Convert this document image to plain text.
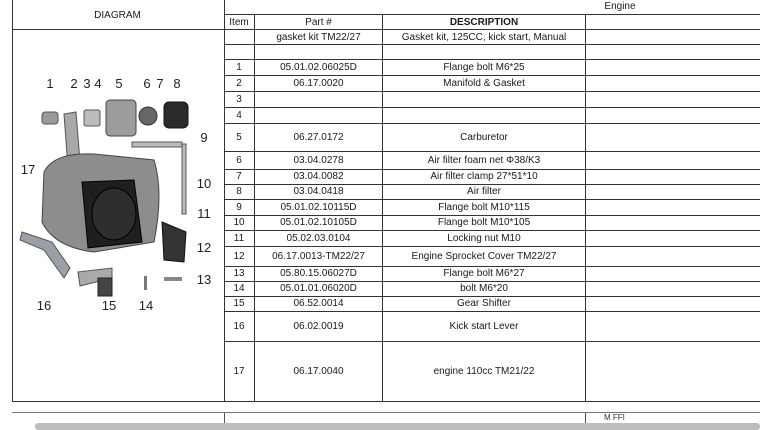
Engine
DIAGRAM
Item	Part #	DESCRIPTION
gasket kit TM22/27	Gasket kit, 125CC, kick start, Manual
1	05.01.02.06025D	Flange bolt M6*25
2	06.17.0020	Manifold & Gasket
3
4
5	06.27.0172	Carburetor
6	03.04.0278	Air filter foam net Φ38/K3
7	03.04.0082	Air filter clamp 27*51*10
8	03.04.0418	Air filter
9	05.01.02.10115D	Flange bolt M10*115
10	05.01.02.10105D	Flange bolt M10*105
11	05.02.03.0104	Locking nut M10
12	06.17.0013-TM22/27	Engine Sprocket Cover TM22/27
13	05.80.15.06027D	Flange bolt M6*27
14	05.01.01.06020D	bolt M6*20
15	06.52.0014	Gear Shifter
16	06.02.0019	Kick start Lever
17	06.17.0040	engine 110cc TM21/22
1 2 3 4 5 6 7 8
9
10
11
12
13
14
15
16
17
M FFI
